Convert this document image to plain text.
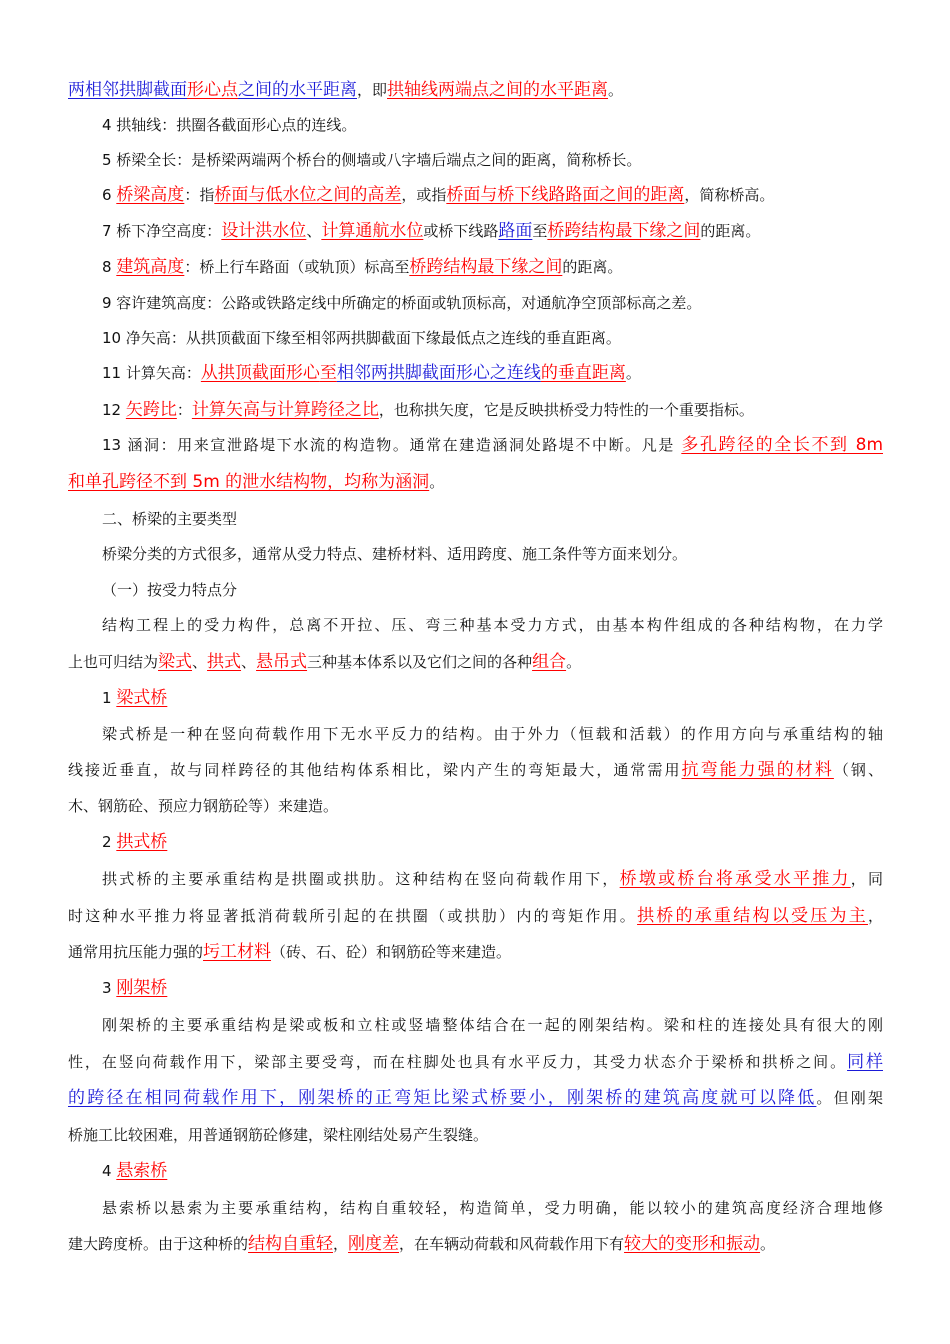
两相邻拱脚截面形心点之间的水平距离，即拱轴线两端点之间的水平距离。

4 拱轴线：拱圈各截面形心点的连线。

5 桥梁全长：是桥梁两端两个桥台的侧墙或八字墙后端点之间的距离，简称桥长。

6 桥梁高度：指桥面与低水位之间的高差，或指桥面与桥下线路路面之间的距离，简称桥高。

7 桥下净空高度：设计洪水位、计算通航水位或桥下线路路面至桥跨结构最下缘之间的距离。

8 建筑高度：桥上行车路面（或轨顶）标高至桥跨结构最下缘之间的距离。

9 容许建筑高度：公路或铁路定线中所确定的桥面或轨顶标高，对通航净空顶部标高之差。

10 净矢高：从拱顶截面下缘至相邻两拱脚截面下缘最低点之连线的垂直距离。

11 计算矢高：从拱顶截面形心至相邻两拱脚截面形心之连线的垂直距离。

12 矢跨比：计算矢高与计算跨径之比，也称拱矢度，它是反映拱桥受力特性的一个重要指标。

13 涵洞：用来宣泄路堤下水流的构造物。通常在建造涵洞处路堤不中断。凡是 多孔跨径的全长不到 8m

和单孔跨径不到 5m 的泄水结构物，均称为涵洞。

二、桥梁的主要类型

桥梁分类的方式很多，通常从受力特点、建桥材料、适用跨度、施工条件等方面来划分。

（一）按受力特点分

结构工程上的受力构件，总离不开拉、压、弯三种基本受力方式，由基本构件组成的各种结构物，在力学

上也可归结为梁式、拱式、悬吊式三种基本体系以及它们之间的各种组合。

1 梁式桥

梁式桥是一种在竖向荷载作用下无水平反力的结构。由于外力（恒载和活载）的作用方向与承重结构的轴

线接近垂直，故与同样跨径的其他结构体系相比，梁内产生的弯矩最大，通常需用抗弯能力强的材料（钢、

木、钢筋砼、预应力钢筋砼等）来建造。

2 拱式桥

拱式桥的主要承重结构是拱圈或拱肋。这种结构在竖向荷载作用下，桥墩或桥台将承受水平推力，同

时这种水平推力将显著抵消荷载所引起的在拱圈（或拱肋）内的弯矩作用。拱桥的承重结构以受压为主，

通常用抗压能力强的圬工材料（砖、石、砼）和钢筋砼等来建造。

3 刚架桥

刚架桥的主要承重结构是梁或板和立柱或竖墙整体结合在一起的刚架结构。梁和柱的连接处具有很大的刚

性，在竖向荷载作用下，梁部主要受弯，而在柱脚处也具有水平反力，其受力状态介于梁桥和拱桥之间。同样

的跨径在相同荷载作用下，刚架桥的正弯矩比梁式桥要小，刚架桥的建筑高度就可以降低。但刚架

桥施工比较困难，用普通钢筋砼修建，梁柱刚结处易产生裂缝。

4 悬索桥

悬索桥以悬索为主要承重结构，结构自重较轻，构造简单，受力明确，能以较小的建筑高度经济合理地修

建大跨度桥。由于这种桥的结构自重轻，刚度差，在车辆动荷载和风荷载作用下有较大的变形和振动。
